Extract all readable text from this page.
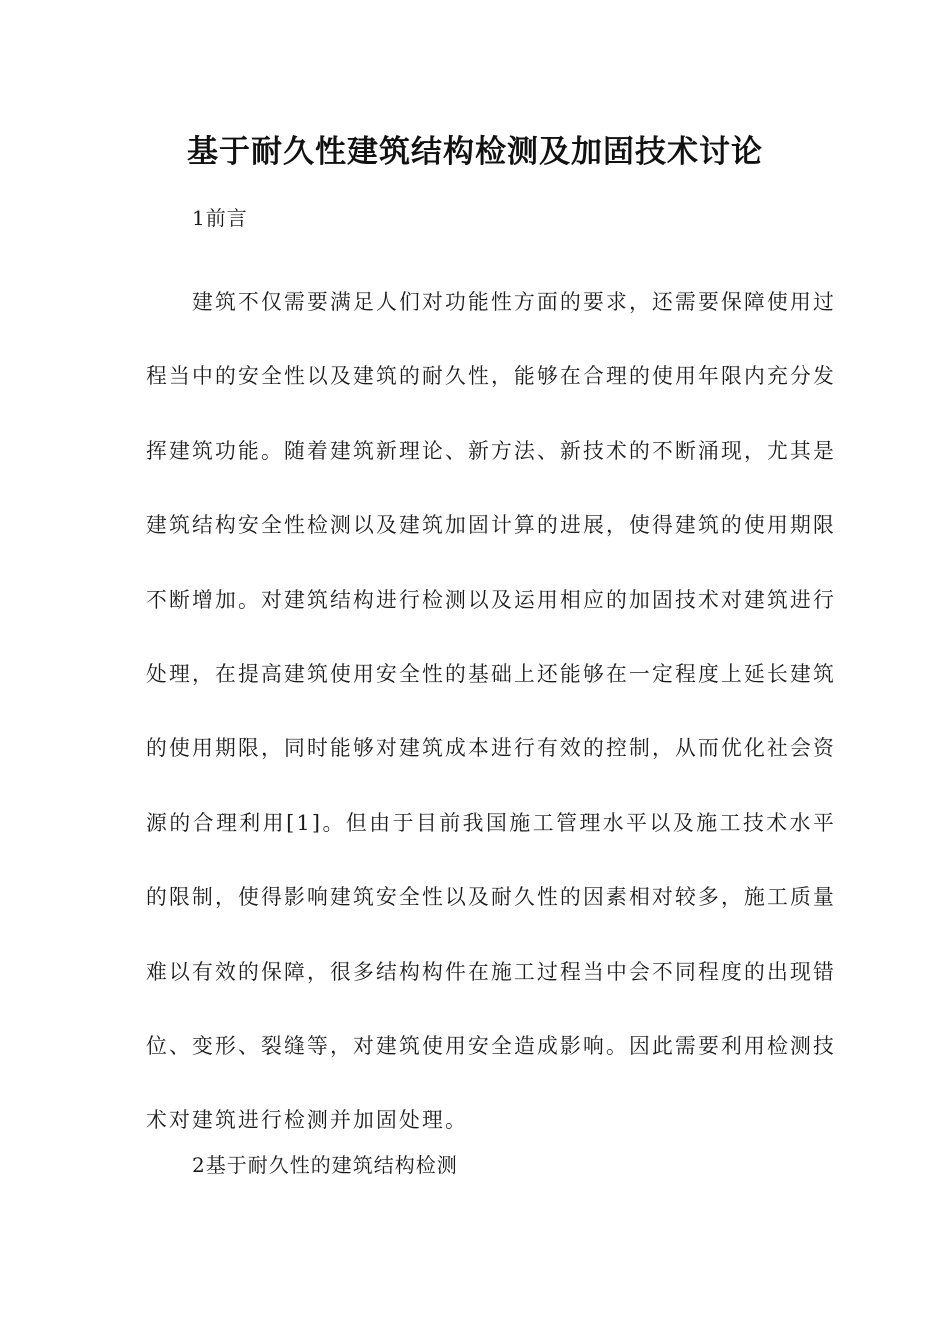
基于耐久性建筑结构检测及加固技术讨论
1前言

建筑不仅需要满足人们对功能性方面的要求，还需要保障使用过程当中的安全性以及建筑的耐久性，能够在合理的使用年限内充分发挥建筑功能。随着建筑新理论、新方法、新技术的不断涌现，尤其是建筑结构安全性检测以及建筑加固计算的进展，使得建筑的使用期限不断增加。对建筑结构进行检测以及运用相应的加固技术对建筑进行处理，在提高建筑使用安全性的基础上还能够在一定程度上延长建筑的使用期限，同时能够对建筑成本进行有效的控制，从而优化社会资源的合理利用[1]。但由于目前我国施工管理水平以及施工技术水平的限制，使得影响建筑安全性以及耐久性的因素相对较多，施工质量难以有效的保障，很多结构构件在施工过程当中会不同程度的出现错位、变形、裂缝等，对建筑使用安全造成影响。因此需要利用检测技术对建筑进行检测并加固处理。

2基于耐久性的建筑结构检测
